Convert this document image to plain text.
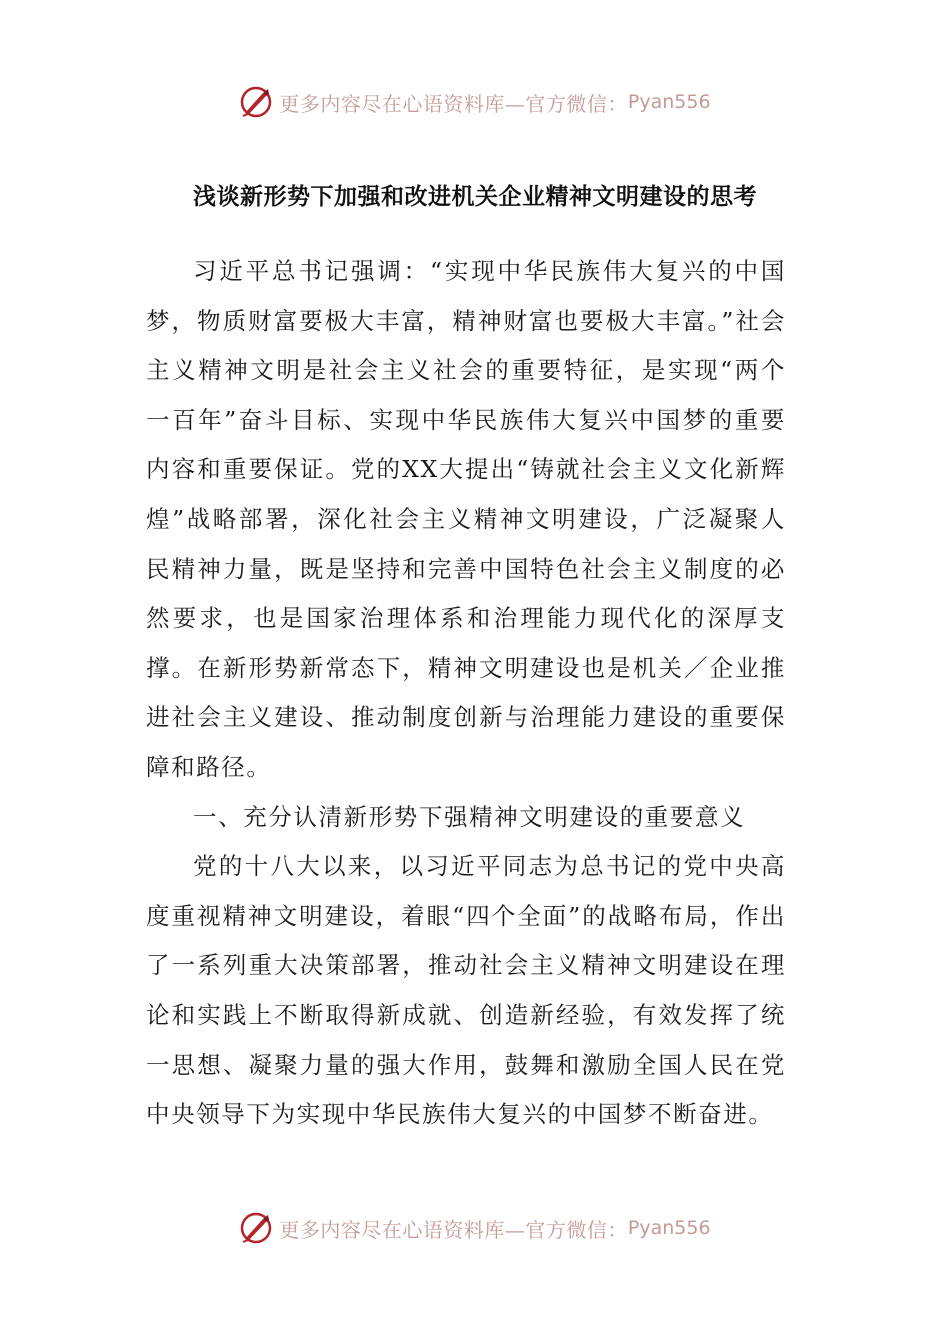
更多内容尽在心语资料库—官方微信： Pyan556
浅谈新形势下加强和改进机关企业精神文明建设的思考

习近平总书记强调：“实现中华民族伟大复兴的中国梦，物质财富要极大丰富，精神财富也要极大丰富。”社会主义精神文明是社会主义社会的重要特征，是实现“两个一百年”奋斗目标、实现中华民族伟大复兴中国梦的重要内容和重要保证。党的XX大提出“铸就社会主义文化新辉煌”战略部署，深化社会主义精神文明建设，广泛凝聚人民精神力量，既是坚持和完善中国特色社会主义制度的必然要求，也是国家治理体系和治理能力现代化的深厚支撑。在新形势新常态下，精神文明建设也是机关／企业推进社会主义建设、推动制度创新与治理能力建设的重要保障和路径。

一、充分认清新形势下强精神文明建设的重要意义

党的十八大以来，以习近平同志为总书记的党中央高度重视精神文明建设，着眼“四个全面”的战略布局，作出了一系列重大决策部署，推动社会主义精神文明建设在理论和实践上不断取得新成就、创造新经验，有效发挥了统一思想、凝聚力量的强大作用，鼓舞和激励全国人民在党中央领导下为实现中华民族伟大复兴的中国梦不断奋进。

更多内容尽在心语资料库—官方微信： Pyan556
